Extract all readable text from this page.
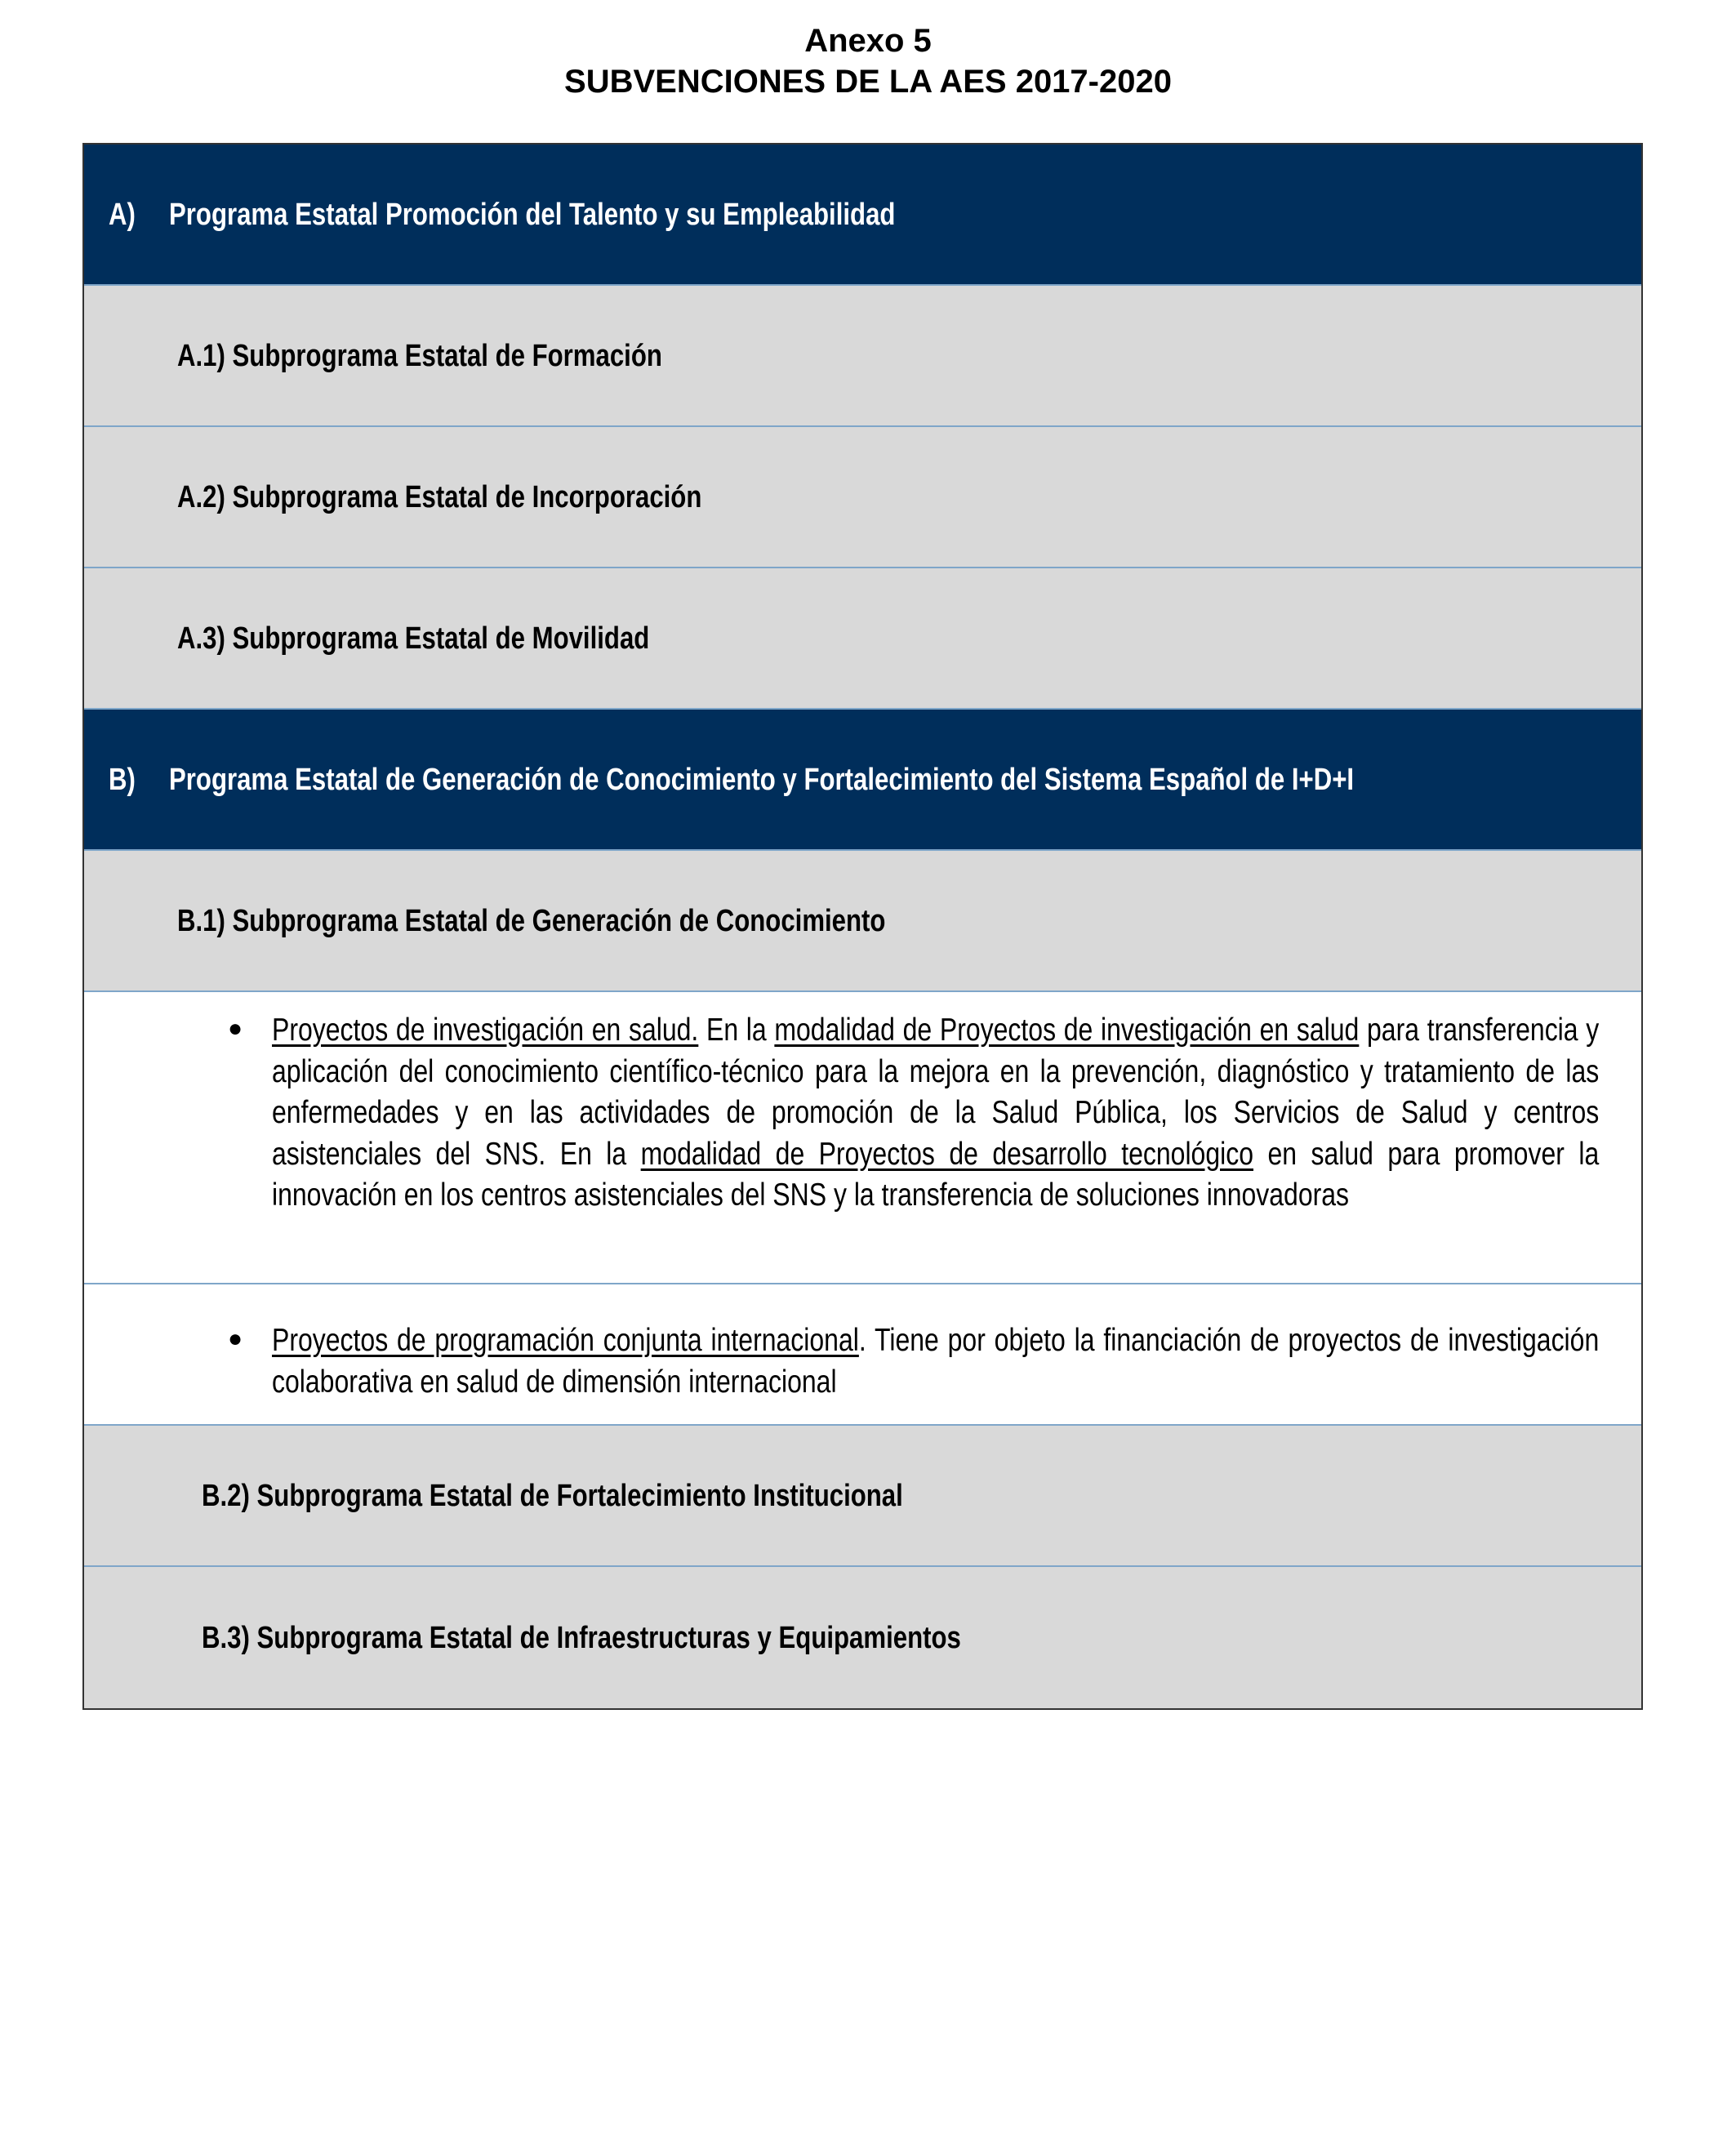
Anexo 5
SUBVENCIONES DE LA AES 2017-2020
A) Programa Estatal Promoción del Talento y su Empleabilidad
A.1) Subprograma Estatal de Formación
A.2) Subprograma Estatal de Incorporación
A.3) Subprograma Estatal de Movilidad
B) Programa Estatal de Generación de Conocimiento y Fortalecimiento del Sistema Español de I+D+I
B.1) Subprograma Estatal de Generación de Conocimiento
● Proyectos de investigación en salud. En la modalidad de Proyectos de investigación en salud para transferencia y aplicación del conocimiento científico-técnico para la mejora en la prevención, diagnóstico y tratamiento de las enfermedades y en las actividades de promoción de la Salud Pública, los Servicios de Salud y centros asistenciales del SNS. En la modalidad de Proyectos de desarrollo tecnológico en salud para promover la innovación en los centros asistenciales del SNS y la transferencia de soluciones innovadoras
● Proyectos de programación conjunta internacional. Tiene por objeto la financiación de proyectos de investigación colaborativa en salud de dimensión internacional
B.2) Subprograma Estatal de Fortalecimiento Institucional
B.3) Subprograma Estatal de Infraestructuras y Equipamientos
